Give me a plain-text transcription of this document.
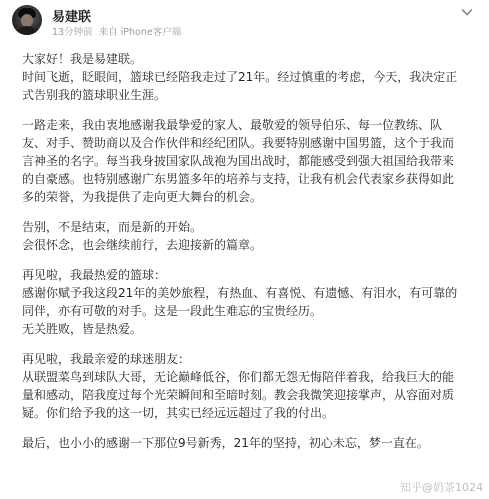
易建联
13分钟前 来自 iPhone客户端
大家好！我是易建联。
时间飞逝，眨眼间，篮球已经陪我走过了21年。经过慎重的考虑，今天，我决定正
式告别我的篮球职业生涯。
一路走来，我由衷地感谢我最挚爱的家人、最敬爱的领导伯乐、每一位教练、队
友、对手、赞助商以及合作伙伴和经纪团队。我要特别感谢中国男篮，这个于我而
言神圣的名字。每当我身披国家队战袍为国出战时，都能感受到强大祖国给我带来
的自豪感。也特别感谢广东男篮多年的培养与支持，让我有机会代表家乡获得如此
多的荣誉，为我提供了走向更大舞台的机会。
告别，不是结束，而是新的开始。
会很怀念，也会继续前行，去迎接新的篇章。
再见啦，我最热爱的篮球：
感谢你赋予我这段21年的美妙旅程，有热血、有喜悦、有遗憾、有泪水，有可靠的
同伴，亦有可敬的对手。这是一段此生难忘的宝贵经历。
无关胜败，皆是热爱。
再见啦，我最亲爱的球迷朋友：
从联盟菜鸟到球队大哥，无论巅峰低谷，你们都无怨无悔陪伴着我，给我巨大的能
量和感动，陪我度过每个光荣瞬间和至暗时刻。教会我微笑迎接掌声，从容面对质
疑。你们给予我的这一切，其实已经远远超过了我的付出。
最后，也小小的感谢一下那位9号新秀，21年的坚持，初心未忘，梦一直在。
知乎@奶茶1024
